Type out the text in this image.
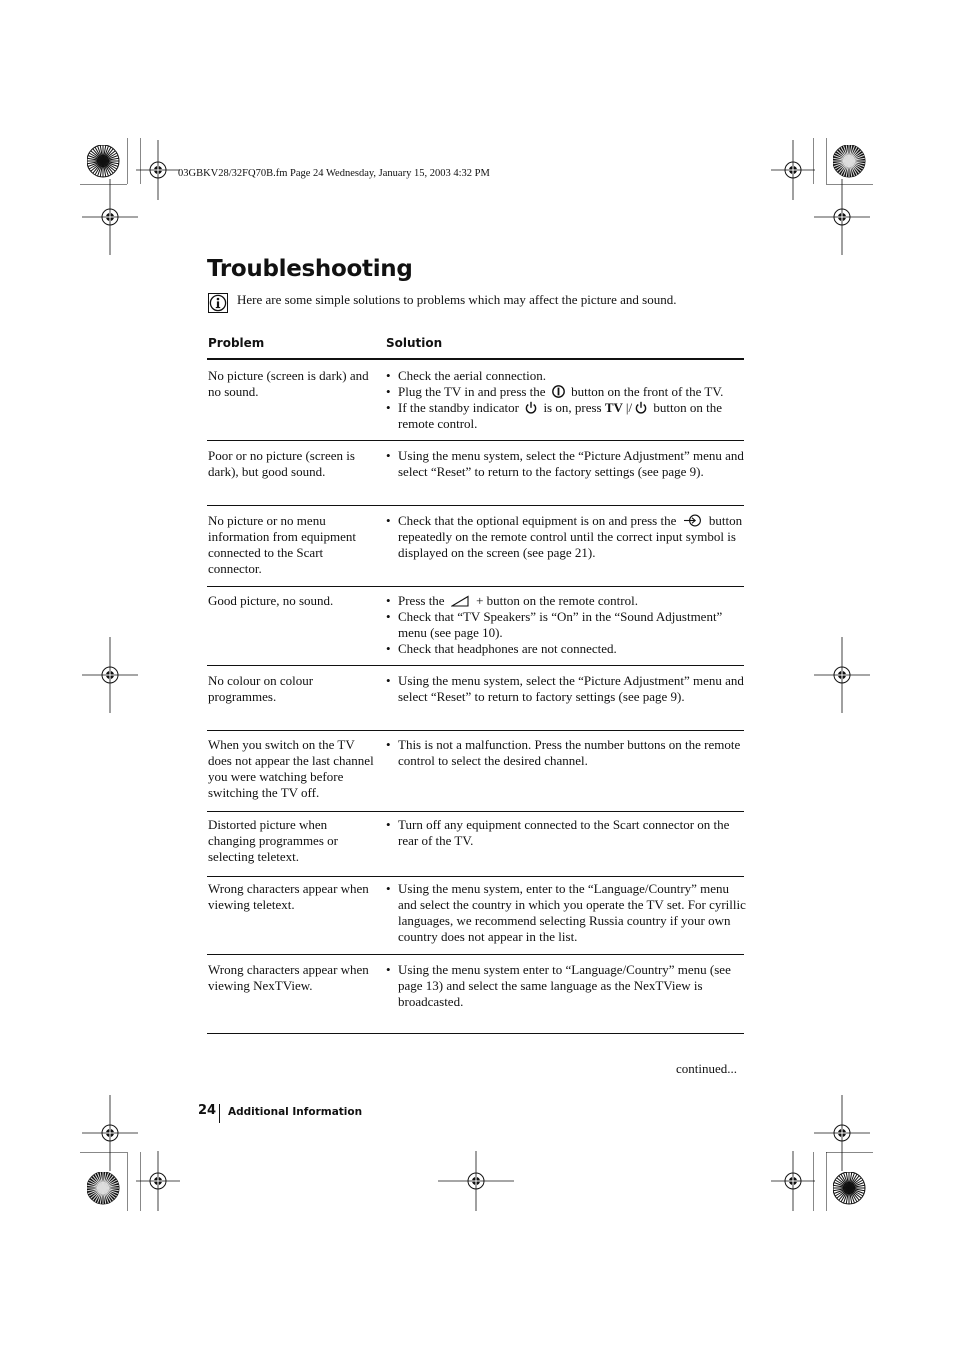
03GBKV28/32FQ70B.fm Page 24 Wednesday, January 15, 2003 4:32 PM
Troubleshooting
Here are some simple solutions to problems which may affect the picture and sound.
Problem	Solution
No picture (screen is dark) and no sound.
• Check the aerial connection.
• Plug the TV in and press the  button on the front of the TV.
• If the standby indicator  is on, press TV |/ button on the remote control.
Poor or no picture (screen is dark), but good sound.
• Using the menu system, select the “Picture Adjustment” menu and select “Reset” to return to the factory settings (see page 9).
No picture or no menu information from equipment connected to the Scart connector.
• Check that the optional equipment is on and press the  button repeatedly on the remote control until the correct input symbol is displayed on the screen (see page 21).
Good picture, no sound.	• Press the  + button on the remote control.
• Check that “TV Speakers” is “On” in the “Sound Adjustment” menu (see page 10).
• Check that headphones are not connected.
No colour on colour programmes.
• Using the menu system, select the “Picture Adjustment” menu and select “Reset” to return to factory settings (see page 9).
When you switch on the TV does not appear the last channel you were watching before switching the TV off.
• This is not a malfunction. Press the number buttons on the remote control to select the desired channel.
Distorted picture when changing programmes or selecting teletext.
• Turn off any equipment connected to the Scart connector on the rear of the TV.
Wrong characters appear when viewing teletext.
• Using the menu system, enter to the “Language/Country” menu and select the country in which you operate the TV set. For cyrillic languages, we recommend selecting Russia country if your own country does not appear in the list.
Wrong characters appear when viewing NexTView.
• Using the menu system enter to “Language/Country” menu (see page 13) and select the same language as the NexTView is broadcasted.
continued...
24 Additional Information
